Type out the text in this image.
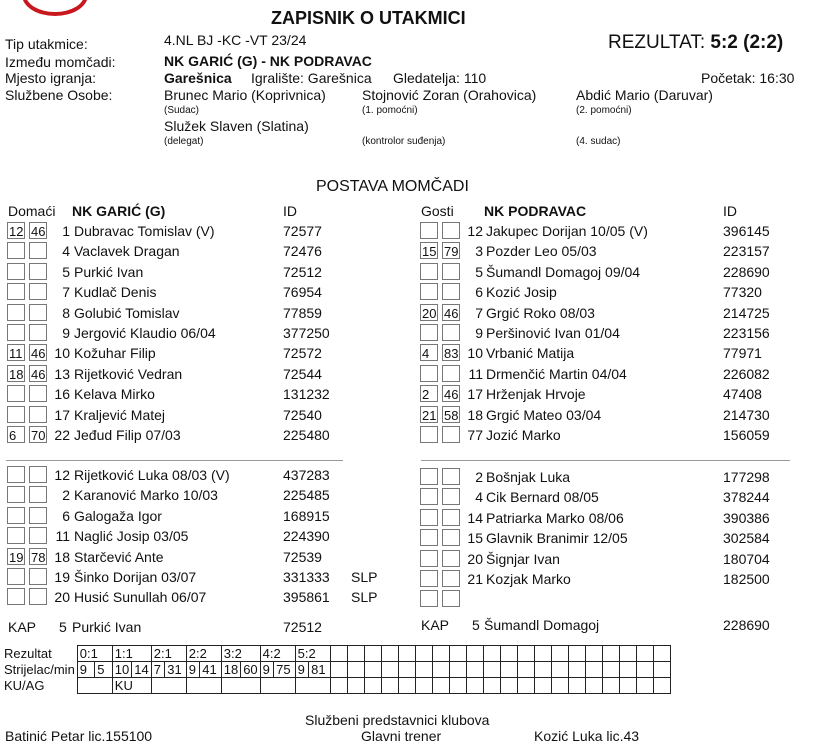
ZAPISNIK O UTAKMICI
REZULTAT: 5:2 (2:2)
Tip utakmice:	4.NL BJ -KC -VT 23/24
Između momčadi:	NK GARIĆ (G) - NK PODRAVAC
Mjesto igranja:	Garešnica Igralište: Garešnica Gledatelja: 110	Početak: 16:30
Službene Osobe:	Brunec Mario (Koprivnica)
(Sudac)
Stojnović Zoran (Orahovica)
(1. pomoćni)
Abdić Mario (Daruvar)
(2. pomoćni)
Služek Slaven (Slatina)
(delegat)	(kontrolor suđenja)	(4. sudac)
POSTAVA MOMČADI
Domaći NK GARIĆ (G)	ID	Gosti NK PODRAVAC	ID
12 46 1 Dubravac Tomislav (V)	72577
4 Vaclavek Dragan	72476
5 Purkić Ivan	72512
7 Kudlač Denis	76954
8 Golubić Tomislav	77859
9 Jergović Klaudio 06/04	377250
11 46 10 Kožuhar Filip	72572
18 46 13 Rijetković Vedran	72544
16 Kelava Mirko	131232
17 Kraljević Matej	72540
6	70 22 Jeđud Filip 07/03	225480
12 Rijetković Luka 08/03 (V)	437283
2 Karanović Marko 10/03	225485
6 Galogaža Igor	168915
11 Naglić Josip 03/05	224390
19 78 18 Starčević Ante	72539
19 Šinko Dorijan 03/07	331333 SLP
20 Husić Sunullah 06/07	395861 SLP
12 Jakupec Dorijan 10/05 (V)	396145
15 79 3 Pozder Leo 05/03	223157
5 Šumandl Domagoj 09/04	228690
6 Kozić Josip	77320
20 46 7 Grgić Roko 08/03	214725
9 Peršinović Ivan 01/04	223156
4	83 10 Vrbanić Matija	77971
11 Drmenčić Martin 04/04	226082
2	46 17 Hrženjak Hrvoje	47408
21 58 18 Grgić Mateo 03/04	214730
77 Jozić Marko	156059
2 Bošnjak Luka	177298
4 Cik Bernard 08/05	378244
14 Patriarka Marko 08/06	390386
15 Glavnik Branimir 12/05	302584
20 Šignjar Ivan	180704
21 Kozjak Marko	182500
KAP 5 Purkić Ivan	72512	KAP 5 Šumandl Domagoj	228690
Rezultat	0:1		1:1		2:1		2:2		3:2		4:2		5:2																					
Strijelac/min	9	5	10	14	7	31	9	41	18	60	9	75	9	81																				
KU/AG			KU																															
Službeni predstavnici klubova
Batinić Petar lic.155100	Glavni trener	Kozić Luka lic.43
